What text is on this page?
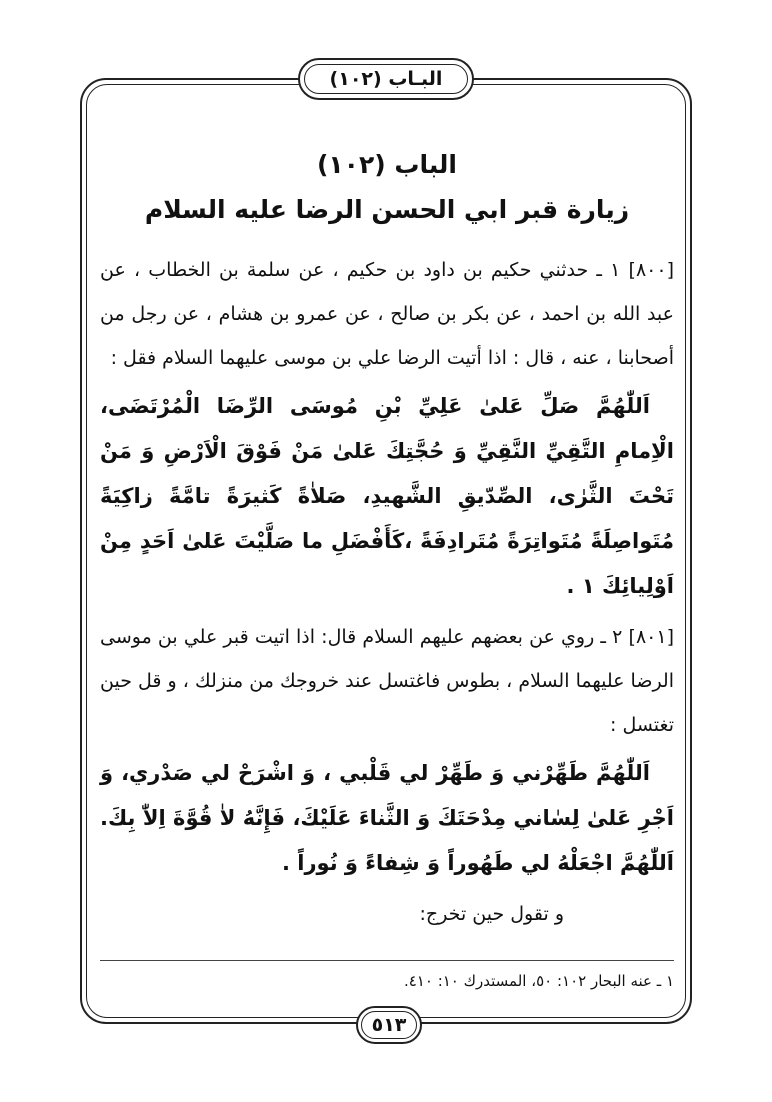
البـاب (١٠٢)
الباب (١٠٢)
زيارة قبر ابي الحسن الرضا عليه السلام

[٨٠٠] ١ ـ حدثني حكيم بن داود بن حكيم ، عن سلمة بن الخطاب ، عن عبد الله بن احمد ، عن بكر بن صالح ، عن عمرو بن هشام ، عن رجل من أصحابنا ، عنه ، قال : اذا أتيت الرضا علي بن موسى عليهما السلام فقل :

اَللّٰهُمَّ صَلِّ عَلىٰ عَلِيِّ بْنِ مُوسَى الرِّضَا الْمُرْتَضَى، الْاِمامِ التَّقِيِّ النَّقِيِّ وَ حُجَّتِكَ عَلىٰ مَنْ فَوْقَ الْاَرْضِ وَ مَنْ تَحْتَ الثَّرٰى، الصِّدّيقِ الشَّهيدِ، صَلاٰةً كَثيرَةً تامَّةً زاكِيَةً مُتَواصِلَةً مُتَواتِرَةً مُتَرادِفَةً ،كَأَفْضَلِ ما صَلَّيْتَ عَلىٰ اَحَدٍ مِنْ اَوْلِيائِكَ ١ .

[٨٠١] ٢ ـ روي عن بعضهم عليهم السلام قال: اذا اتيت قبر علي بن موسى الرضا عليهما السلام ، بطوس فاغتسل عند خروجك من منزلك ، و قل حين تغتسل :

اَللّٰهُمَّ طَهِّرْني وَ طَهِّرْ لي قَلْبي ، وَ اشْرَحْ لي صَدْري، وَ اَجْرِ عَلىٰ لِسٰاني مِدْحَتَكَ وَ الثَّناءَ عَلَيْكَ، فَإِنَّهُ لاٰ قُوَّةَ اِلاّٰ بِكَ. اَللّٰهُمَّ اجْعَلْهُ لي طَهُوراً وَ شِفاءً وَ نُوراً .

و تقول حين تخرج:

١ ـ عنه البحار ١٠٢: ٥٠، المستدرك ١٠: ٤١٠.
٥١٣
